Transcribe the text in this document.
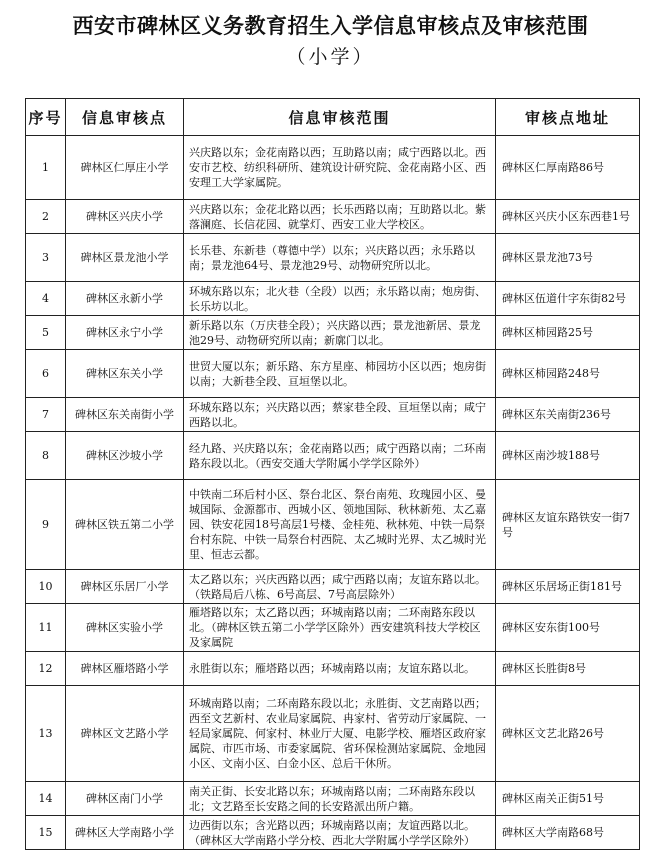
西安市碑林区义务教育招生入学信息审核点及审核范围
（小学）
序号	信息审核点	信息审核范围	审核点地址
1	碑林区仁厚庄小学	兴庆路以东；金花南路以西；互助路以南；咸宁西路以北。西安市艺校、纺织科研所、建筑设计研究院、金花南路小区、西安理工大学家属院。	碑林区仁厚南路86号
2	碑林区兴庆小学	兴庆路以东；金花北路以西；长乐西路以南；互助路以北。紫落澜庭、长信花园、就掌灯、西安工业大学校区。	碑林区兴庆小区东西巷1号
3	碑林区景龙池小学	长乐巷、东新巷（尊德中学）以东；兴庆路以西；永乐路以南；景龙池64号、景龙池29号、动物研究所以北。	碑林区景龙池73号
4	碑林区永新小学	环城东路以东；北火巷（全段）以西；永乐路以南；炮房街、长乐坊以北。	碑林区伍道什字东街82号
5	碑林区永宁小学	新乐路以东（万庆巷全段）；兴庆路以西；景龙池新居、景龙池29号、动物研究所以南；新廓门以北。	碑林区柿园路25号
6	碑林区东关小学	世贸大厦以东；新乐路、东方星座、柿园坊小区以西；炮房街以南；大新巷全段、亘垣堡以北。	碑林区柿园路248号
7	碑林区东关南街小学	环城东路以东；兴庆路以西；蔡家巷全段、亘垣堡以南；咸宁西路以北。	碑林区东关南街236号
8	碑林区沙坡小学	经九路、兴庆路以东；金花南路以西；咸宁西路以南；二环南路东段以北。（西安交通大学附属小学学区除外）	碑林区南沙坡188号
9	碑林区铁五第二小学	中铁南二环后村小区、祭台北区、祭台南苑、玫瑰园小区、曼城国际、金源都市、西城小区、领地国际、秋林新苑、太乙嘉园、铁安花园18号高层1号楼、金桂苑、秋林苑、中铁一局祭台村东院、中铁一局祭台村西院、太乙城时光界、太乙城时光里、恒志云都。	碑林区友谊东路铁安一街7号
10	碑林区乐居厂小学	太乙路以东；兴庆西路以西；咸宁西路以南；友谊东路以北。（铁路局后八栋、6号高层、7号高层除外）	碑林区乐居场正街181号
11	碑林区实验小学	雁塔路以东；太乙路以西；环城南路以南；二环南路东段以北。（碑林区铁五第二小学学区除外）西安建筑科技大学校区及家属院	碑林区安东街100号
12	碑林区雁塔路小学	永胜街以东；雁塔路以西；环城南路以南；友谊东路以北。	碑林区长胜街8号
13	碑林区文艺路小学	环城南路以南；二环南路东段以北；永胜街、文艺南路以西；西至文艺新村、农业局家属院、冉家村、省劳动厅家属院、一轻局家属院、何家村、林业厅大厦、电影学校、雁塔区政府家属院、市匹市场、市委家属院、省环保检测站家属院、金地园小区、文南小区、白金小区、总后干休所。	碑林区文艺北路26号
14	碑林区南门小学	南关正街、长安北路以东；环城南路以南；二环南路东段以北；文艺路至长安路之间的长安路派出所户籍。	碑林区南关正街51号
15	碑林区大学南路小学	边西街以东；含光路以西；环城南路以南；友谊西路以北。（碑林区大学南路小学分校、西北大学附属小学学区除外）	碑林区大学南路68号
